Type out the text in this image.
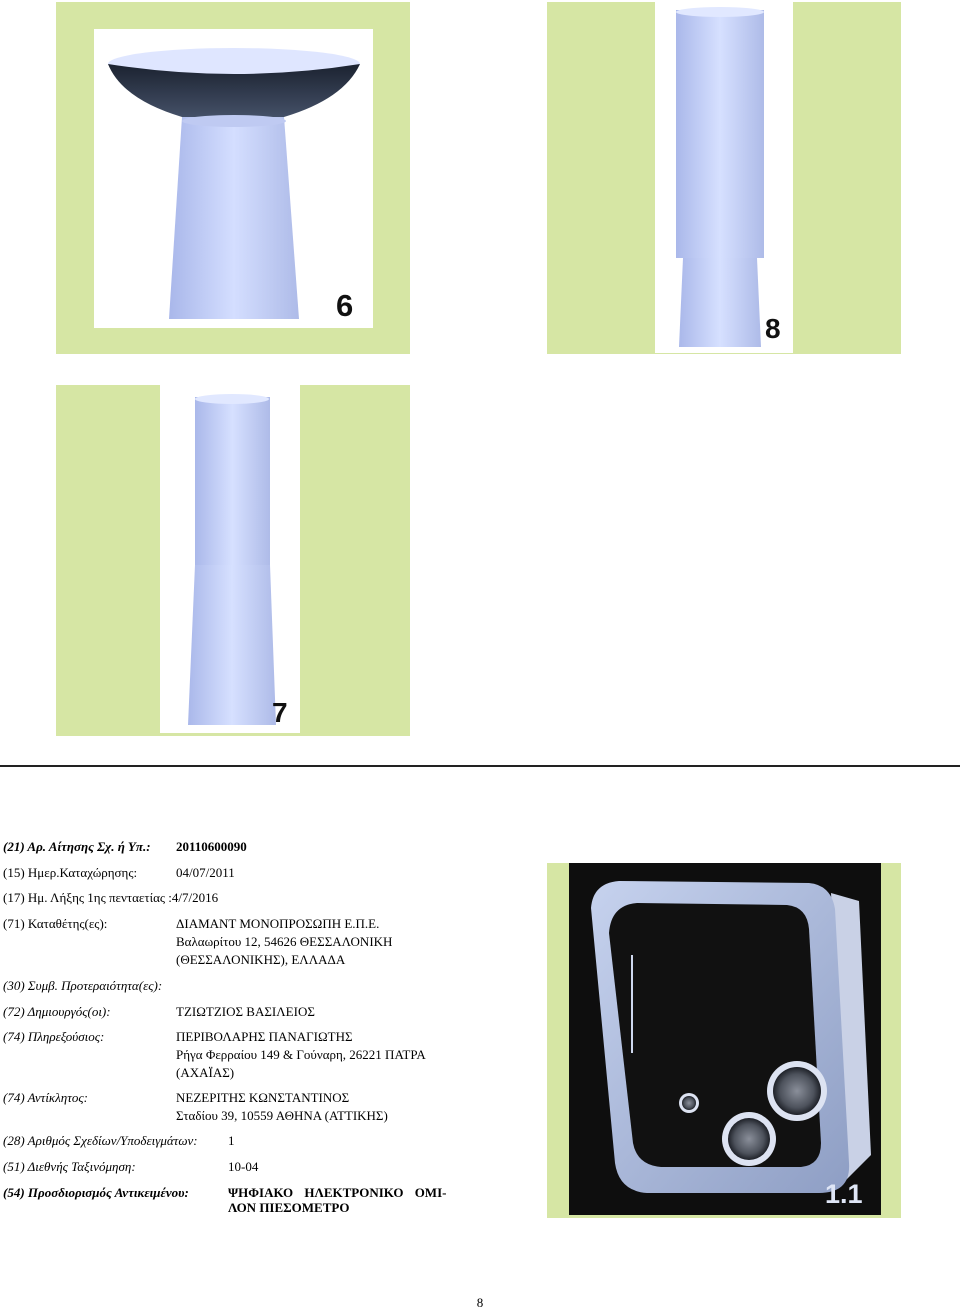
6
8
7
(21) Αρ. Αίτησης Σχ. ή Υπ.: 20110600090
(15) Ημερ.Καταχώρησης:	04/07/2011
(17) Ημ. Λήξης 1ης πενταετίας :4/7/2016
(71) Καταθέτης(ες):	ΔΙΑΜΑΝΤ ΜΟΝΟΠΡΟΣΩΠΗ Ε.Π.Ε.
Βαλαωρίτου 12, 54626 ΘΕΣΣΑΛΟΝΙΚΗ
(ΘΕΣΣΑΛΟΝΙΚΗΣ), ΕΛΛΑΔΑ
(30) Συμβ. Προτεραιότητα(ες):
(72) Δημιουργός(οι):	ΤΖΙΩΤΖΙΟΣ ΒΑΣΙΛΕΙΟΣ
(74) Πληρεξούσιος:	ΠΕΡΙΒΟΛΑΡΗΣ ΠΑΝΑΓΙΩΤΗΣ
Ρήγα Φερραίου 149 & Γούναρη, 26221 ΠΑΤΡΑ
(ΑΧΑΪΑΣ)
(74) Αντίκλητος:	ΝΕΖΕΡΙΤΗΣ ΚΩΝΣΤΑΝΤΙΝΟΣ
Σταδίου 39, 10559 ΑΘΗΝΑ (ΑΤΤΙΚΗΣ)
(28) Αριθμός Σχεδίων/Υποδειγμάτων: 1
(51) Διεθνής Ταξινόμηση:	10-04
(54) Προσδιορισμός Αντικειμένου:	ΨΗΦΙΑΚΟ ΗΛΕΚΤΡΟΝΙΚΟ ΟΜΙ-
ΛΟΝ ΠΙΕΣΟΜΕΤΡΟ	1.1
8
